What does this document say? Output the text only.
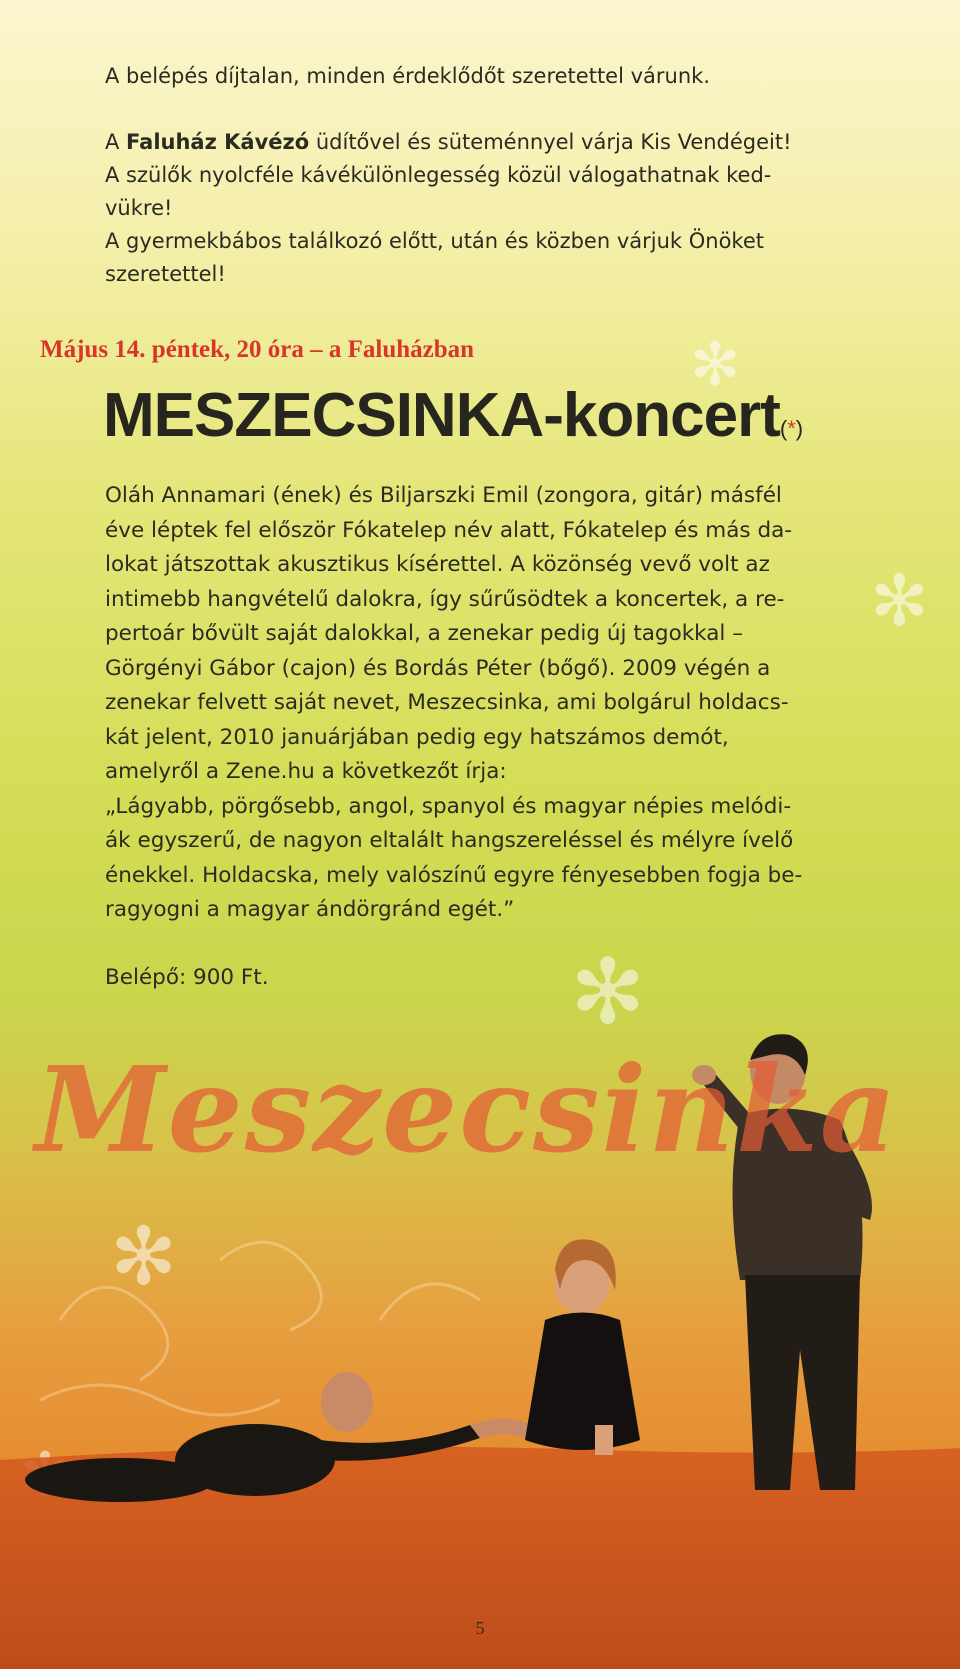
✻
✻
✻
✻

A belépés díjtalan, minden érdeklődőt szeretettel várunk.

A Faluház Kávézó üdítővel és süteménnyel várja Kis Vendégeit!

A szülők nyolcféle kávékülönlegesség közül válogathatnak ked-

vükre!

A gyermekbábos találkozó előtt, után és közben várjuk Önöket

szeretettel!

Május 14. péntek, 20 óra – a Faluházban
MESZECSINKA-koncert(*)

Oláh Annamari (ének) és Biljarszki Emil (zongora, gitár) másfél

éve léptek fel először Fókatelep név alatt, Fókatelep és más da-

lokat játszottak akusztikus kísérettel. A közönség vevő volt az

intimebb hangvételű dalokra, így sűrűsödtek a koncertek, a re-

pertoár bővült saját dalokkal, a zenekar pedig új tagokkal –

Görgényi Gábor (cajon) és Bordás Péter (bőgő). 2009 végén a

zenekar felvett saját nevet, Meszecsinka, ami bolgárul holdacs-

kát jelent, 2010 januárjában pedig egy hatszámos demót,

amelyről a Zene.hu a következőt írja:

„Lágyabb, pörgősebb, angol, spanyol és magyar népies melódi-

ák egyszerű, de nagyon eltalált hangszereléssel és mélyre ívelő

énekkel. Holdacska, mely valószínű egyre fényesebben fogja be-

ragyogni a magyar ándörgránd egét.”

Belépő: 900 Ft.
Meszecsinka
5
